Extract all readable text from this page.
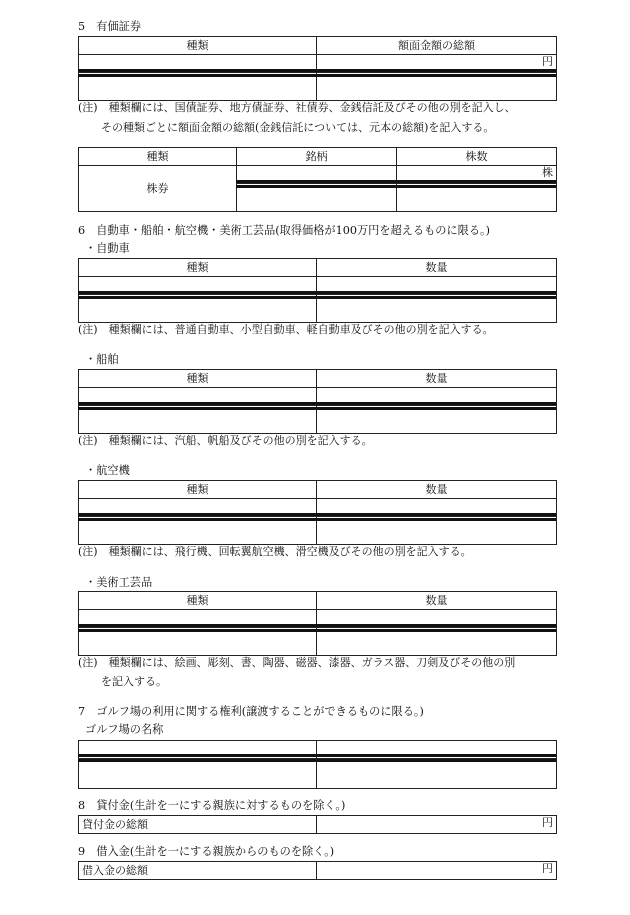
5　有価証券
種類	額面金額の総額
	円

(注)　種類欄には、国債証券、地方債証券、社債券、金銭信託及びその他の別を記入し、
その種類ごとに額面金額の総額(金銭信託については、元本の総額)を記入する。
種類	銘柄	株数
株券		株

6　自動車・船舶・航空機・美術工芸品(取得価格が100万円を超えるものに限る。)
・自動車
種類	数量

(注)　種類欄には、普通自動車、小型自動車、軽自動車及びその他の別を記入する。
・船舶
種類	数量

(注)　種類欄には、汽船、帆船及びその他の別を記入する。
・航空機
種類	数量

(注)　種類欄には、飛行機、回転翼航空機、滑空機及びその他の別を記入する。
・美術工芸品
種類	数量

(注)　種類欄には、絵画、彫刻、書、陶器、磁器、漆器、ガラス器、刀剣及びその他の別
を記入する。
7　ゴルフ場の利用に関する権利(譲渡することができるものに限る。)
ゴルフ場の名称

8　貸付金(生計を一にする親族に対するものを除く。)
貸付金の総額	円
9　借入金(生計を一にする親族からのものを除く。)
借入金の総額	円
